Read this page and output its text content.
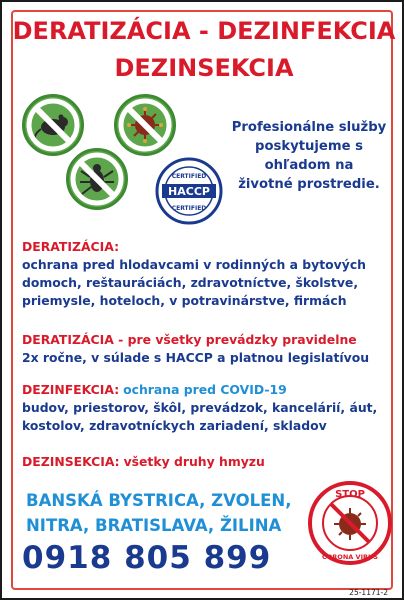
DERATIZÁCIA - DEZINFEKCIA
DEZINSEKCIA
HACCP
CERTIFIED
CERTIFIED
Profesionálne služby
poskytujeme s
ohľadom na
životné prostredie.
DERATIZÁCIA:
ochrana pred hlodavcami v rodinných a bytových
domoch, reštauráciách, zdravotníctve, školstve,
priemysle, hoteloch, v potravinárstve, firmách
DERATIZÁCIA - pre všetky prevádzky pravidelne
2x ročne, v súlade s HACCP a platnou legislatívou
DEZINFEKCIA: ochrana pred COVID-19
budov, priestorov, škôl, prevádzok, kancelárií, áut,
kostolov, zdravotníckych zariadení, skladov
DEZINSEKCIA: všetky druhy hmyzu
BANSKÁ BYSTRICA, ZVOLEN,
NITRA, BRATISLAVA, ŽILINA
0918 805 899
STOP
CORONA VIRUS
25-1171-2
